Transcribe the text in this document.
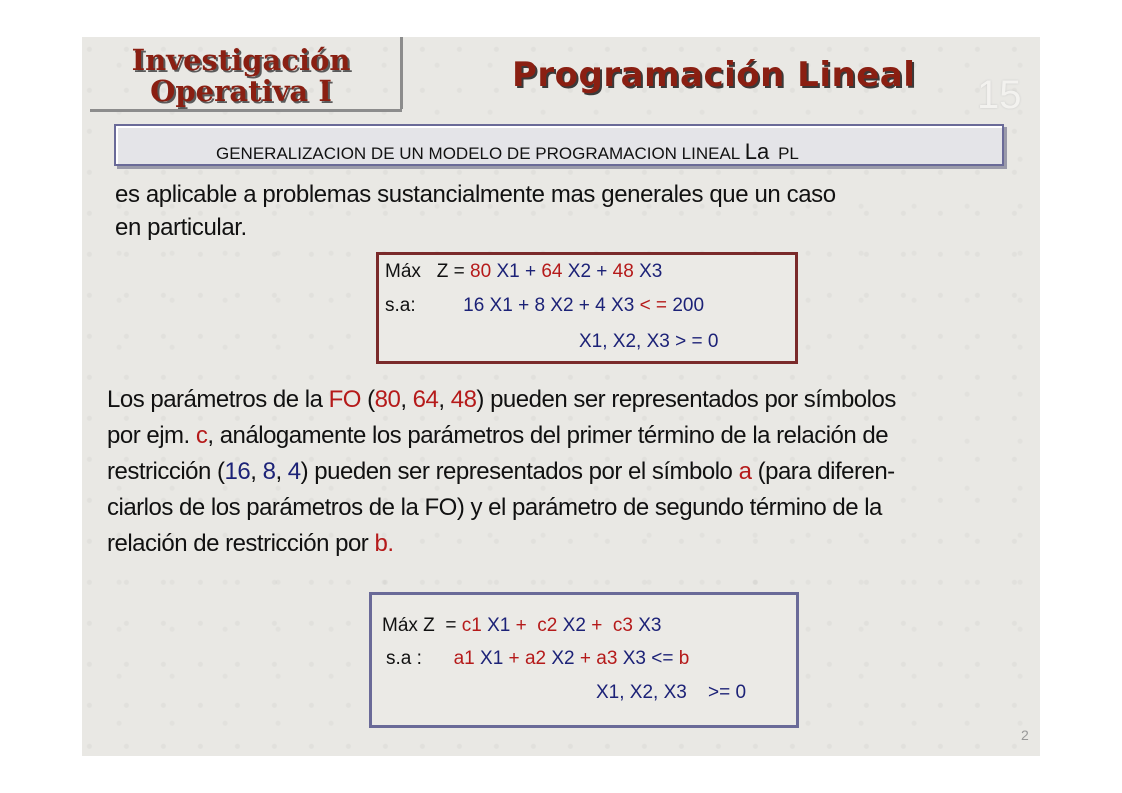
Investigación
Operativa I	Programación Lineal 15
GENERALIZACION DE UN MODELO DE PROGRAMACION LINEAL La PL
es aplicable a problemas sustancialmente mas generales que un caso
en particular.
Máx Z = 80 X1 + 64 X2 + 48 X3
s.a:	16 X1 + 8 X2 + 4 X3 < = 200
X1, X2, X3 > = 0
Los parámetros de la FO (80, 64, 48) pueden ser representados por símbolos
por ejm. c, análogamente los parámetros del primer término de la relación de
restricción (16, 8, 4) pueden ser representados por el símbolo a (para diferen-
ciarlos de los parámetros de la FO) y el parámetro de segundo término de la
relación de restricción por b.
Máx Z = c1 X1 + c2 X2 + c3 X3
s.a : a1 X1 + a2 X2 + a3 X3 <= b
X1, X2, X3 >= 0
2
